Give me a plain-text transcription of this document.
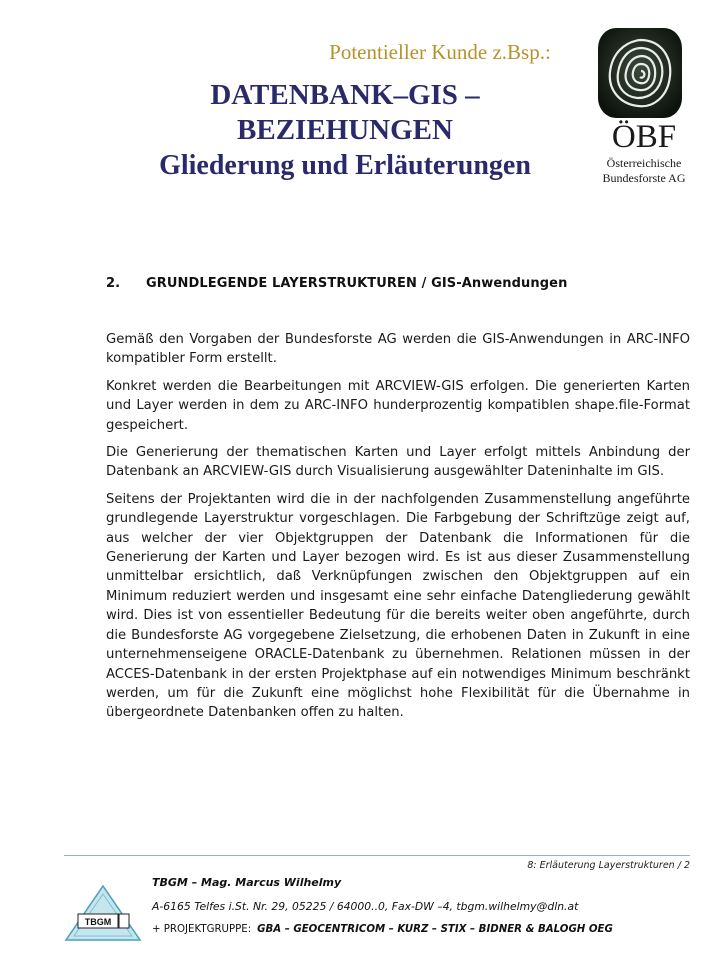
Potentieller Kunde z.Bsp.:
DATENBANK–GIS –
BEZIEHUNGEN
Gliederung und Erläuterungen
ÖBF
Österreichische
Bundesforste AG
2. GRUNDLEGENDE LAYERSTRUKTUREN / GIS-Anwendungen

Gemäß den Vorgaben der Bundesforste AG werden die GIS-Anwendungen in ARC-INFO kompatibler Form erstellt.

Konkret werden die Bearbeitungen mit ARCVIEW-GIS erfolgen. Die generierten Karten und Layer werden in dem zu ARC-INFO hunderprozentig kompatiblen shape.file-Format gespeichert.

Die Generierung der thematischen Karten und Layer erfolgt mittels Anbindung der Datenbank an ARCVIEW-GIS durch Visualisierung ausgewählter Dateninhalte im GIS.

Seitens der Projektanten wird die in der nachfolgenden Zusammenstellung angeführte grundlegende Layerstruktur vorgeschlagen. Die Farbgebung der Schriftzüge zeigt auf, aus welcher der vier Objektgruppen der Datenbank die Informationen für die Generierung der Karten und Layer bezogen wird. Es ist aus dieser Zusammenstellung unmittelbar ersichtlich, daß Verknüpfungen zwischen den Objektgruppen auf ein Minimum reduziert werden und insgesamt eine sehr einfache Datengliederung gewählt wird. Dies ist von essentieller Bedeutung für die bereits weiter oben angeführte, durch die Bundesforste AG vorgegebene Zielsetzung, die erhobenen Daten in Zukunft in eine unternehmenseigene ORACLE-Datenbank zu übernehmen. Relationen müssen in der ACCES-Datenbank in der ersten Projektphase auf ein notwendiges Minimum beschränkt werden, um für die Zukunft eine möglichst hohe Flexibilität für die Übernahme in übergeordnete Datenbanken offen zu halten.

8: Erläuterung Layerstrukturen / 2
TBGM
TBGM – Mag. Marcus Wilhelmy
A-6165 Telfes i.St. Nr. 29, 05225 / 64000..0, Fax-DW –4, tbgm.wilhelmy@dln.at
+ PROJEKTGRUPPE: GBA – GEOCENTRICOM – KURZ – STIX – BIDNER & BALOGH OEG
